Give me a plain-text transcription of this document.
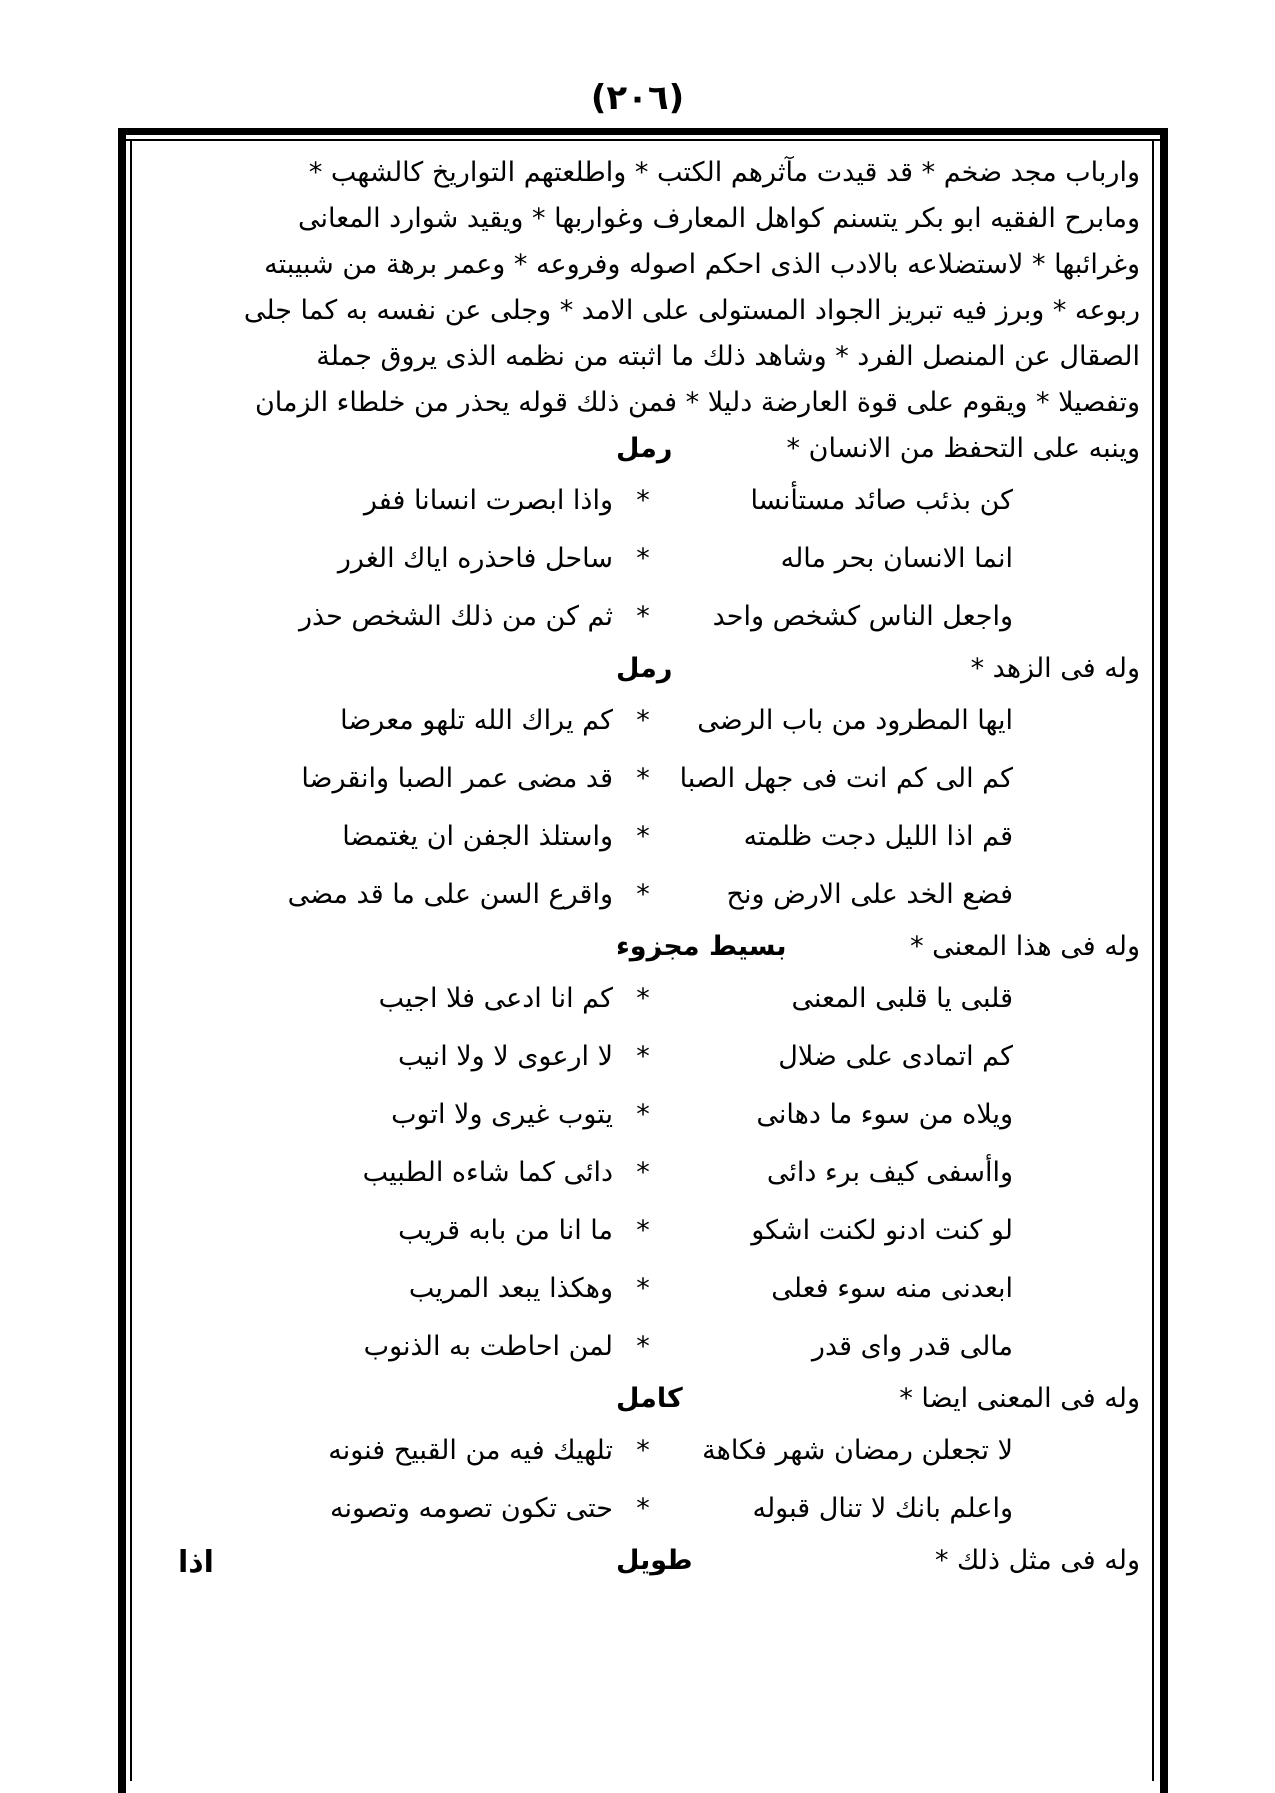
(٢٠٦)
وارباب مجد ضخم * قد قيدت مآثرهم الكتب * واطلعتهم التواريخ كالشهب *
ومابرح الفقيه ابو بكر يتسنم كواهل المعارف وغواربها * ويقيد شوارد المعانى
وغرائبها * لاستضلاعه بالادب الذى احكم اصوله وفروعه * وعمر برهة من شبيبته
ربوعه * وبرز فيه تبريز الجواد المستولى على الامد * وجلى عن نفسه به كما جلى
الصقال عن المنصل الفرد * وشاهد ذلك ما اثبته من نظمه الذى يروق جملة
وتفصيلا * ويقوم على قوة العارضة دليلا * فمن ذلك قوله يحذر من خلطاء الزمان
وينبه على التحفظ من الانسان *
رمل
كن بذئب صائد مستأنسا
*
واذا ابصرت انسانا ففر
انما الانسان بحر ماله
*
ساحل فاحذره اياك الغرر
واجعل الناس كشخص واحد
*
ثم كن من ذلك الشخص حذر
وله فى الزهد *
رمل
ايها المطرود من باب الرضى
*
كم يراك الله تلهو معرضا
كم الى كم انت فى جهل الصبا
*
قد مضى عمر الصبا وانقرضا
قم اذا الليل دجت ظلمته
*
واستلذ الجفن ان يغتمضا
فضع الخد على الارض ونح
*
واقرع السن على ما قد مضى
وله فى هذا المعنى *
بسيط مجزوء
قلبى يا قلبى المعنى
*
كم انا ادعى فلا اجيب
كم اتمادى على ضلال
*
لا ارعوى لا ولا انيب
ويلاه من سوء ما دهانى
*
يتوب غيرى ولا اتوب
واأسفى كيف برء دائى
*
دائى كما شاءه الطبيب
لو كنت ادنو لكنت اشكو
*
ما انا من بابه قريب
ابعدنى منه سوء فعلى
*
وهكذا يبعد المريب
مالى قدر واى قدر
*
لمن احاطت به الذنوب
وله فى المعنى ايضا *
كامل
لا تجعلن رمضان شهر فكاهة
*
تلهيك فيه من القبيح فنونه
واعلم بانك لا تنال قبوله
*
حتى تكون تصومه وتصونه
وله فى مثل ذلك *
طويل
اذا
